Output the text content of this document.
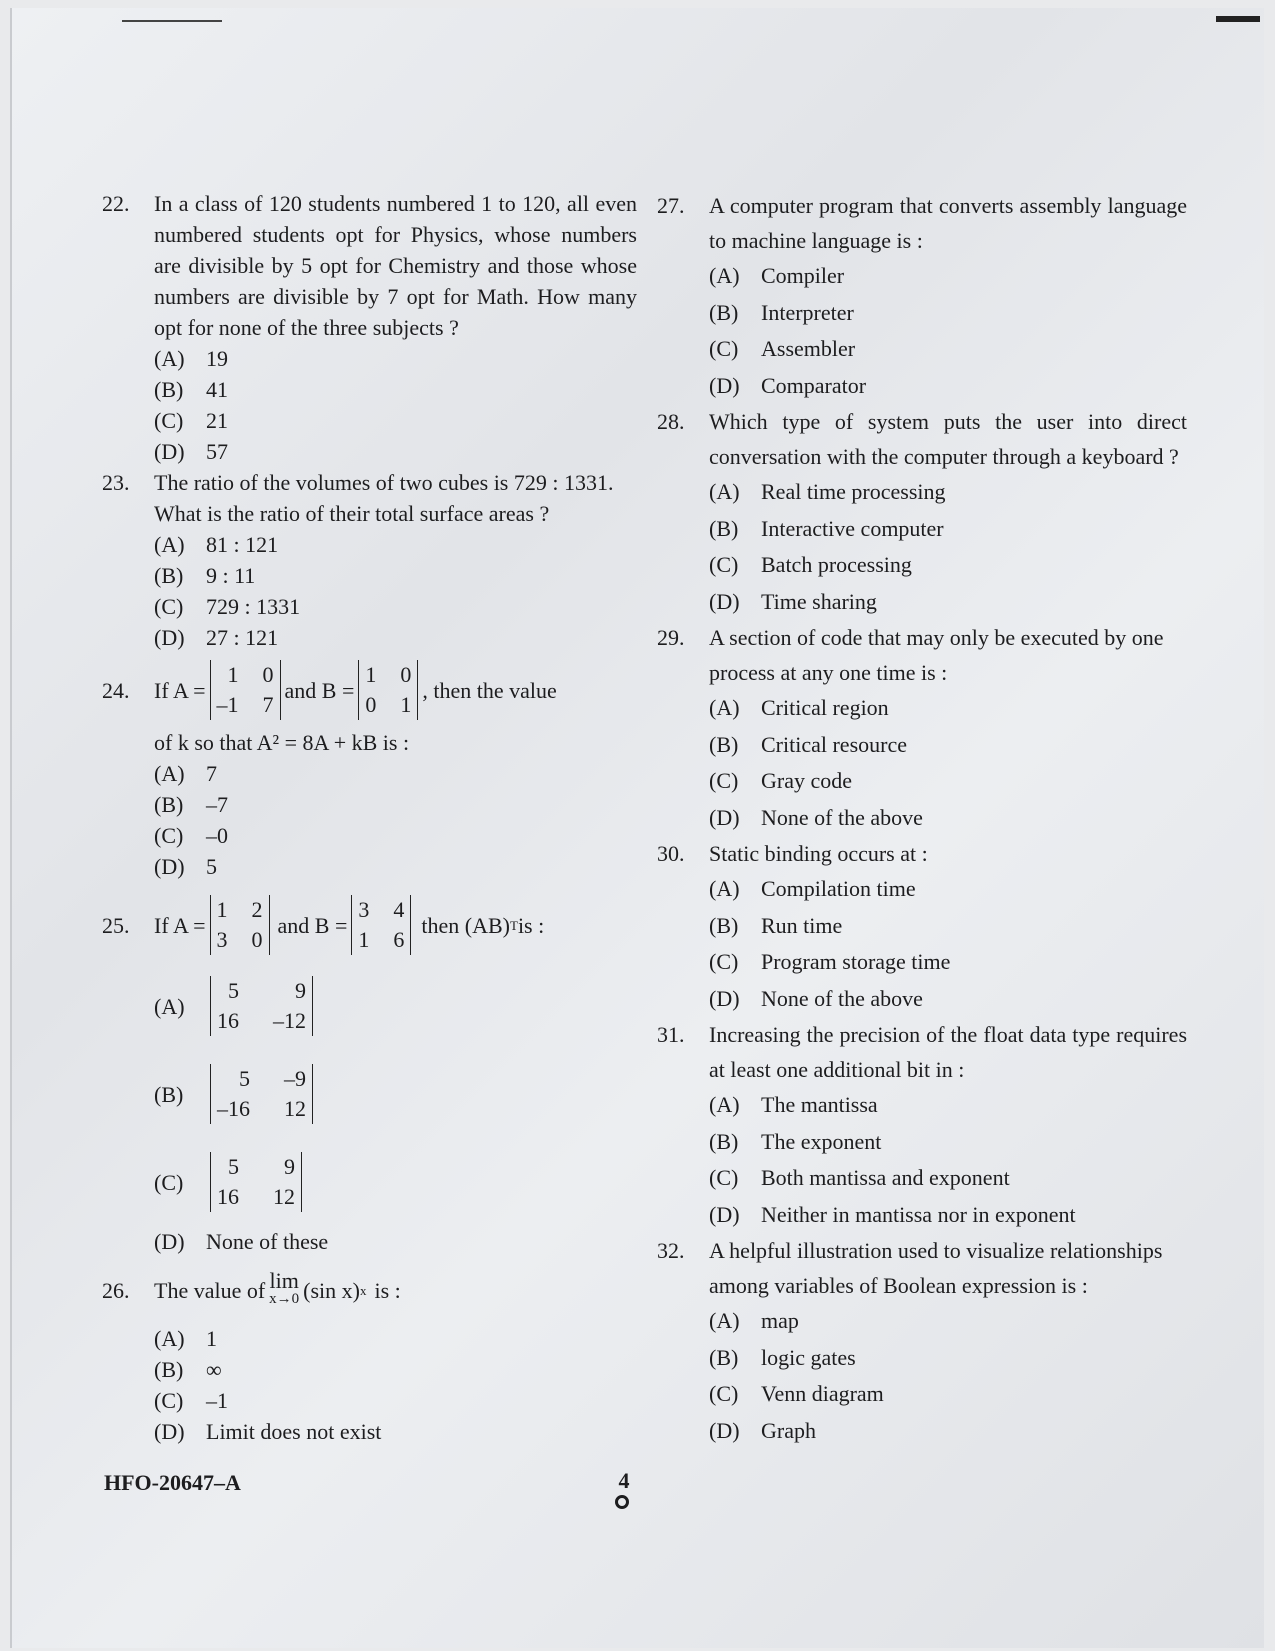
22.	In a class of 120 students numbered 1 to 120, all even numbered students opt for Physics, whose numbers are divisible by 5 opt for Chemistry and those whose numbers are divisible by 7 opt for Math. How many opt for none of the three subjects ?
(A) 19
(B)	41
(C)	21
(D) 57
23.	The ratio of the volumes of two cubes is 729 : 1331. What is the ratio of their total surface areas ?
(A) 81 : 121
(B)	9 : 11
(C)	729 : 1331
(D) 27 : 121
24.	If A =
1 0
–1 7
and B =
1 0
0 1
, then the value
of k so that A² = 8A + kB is :
(A) 7
(B)	–7
(C)	–0
(D) 5
25.	If A =
1 2
3 0
and B =
3 4
1 6
then (AB) T is :
(A)
5	9
16 –12
(B)
5 –9
–16 12
(C)
5	9
16 12
(D) None of these
26.	The value of lim
x→0 (sin x) x is :
(A) 1
(B)	∞
(C)	–1
(D) Limit does not exist
27.	A computer program that converts assembly language to machine language is :
(A) Compiler
(B)	Interpreter
(C)	Assembler
(D) Comparator
28.	Which type of system puts the user into direct conversation with the computer through a keyboard ?
(A) Real time processing
(B)	Interactive computer
(C)	Batch processing
(D) Time sharing
29.	A section of code that may only be executed by one process at any one time is :
(A) Critical region
(B)	Critical resource
(C)	Gray code
(D) None of the above
30.	Static binding occurs at :
(A) Compilation time
(B)	Run time
(C)	Program storage time
(D) None of the above
31.	Increasing the precision of the float data type requires at least one additional bit in :
(A) The mantissa
(B)	The exponent
(C)	Both mantissa and exponent
(D) Neither in mantissa nor in exponent
32.	A helpful illustration used to visualize relationships among variables of Boolean expression is :
(A) map
(B)	logic gates
(C)	Venn diagram
(D) Graph
HFO-20647–A	4
